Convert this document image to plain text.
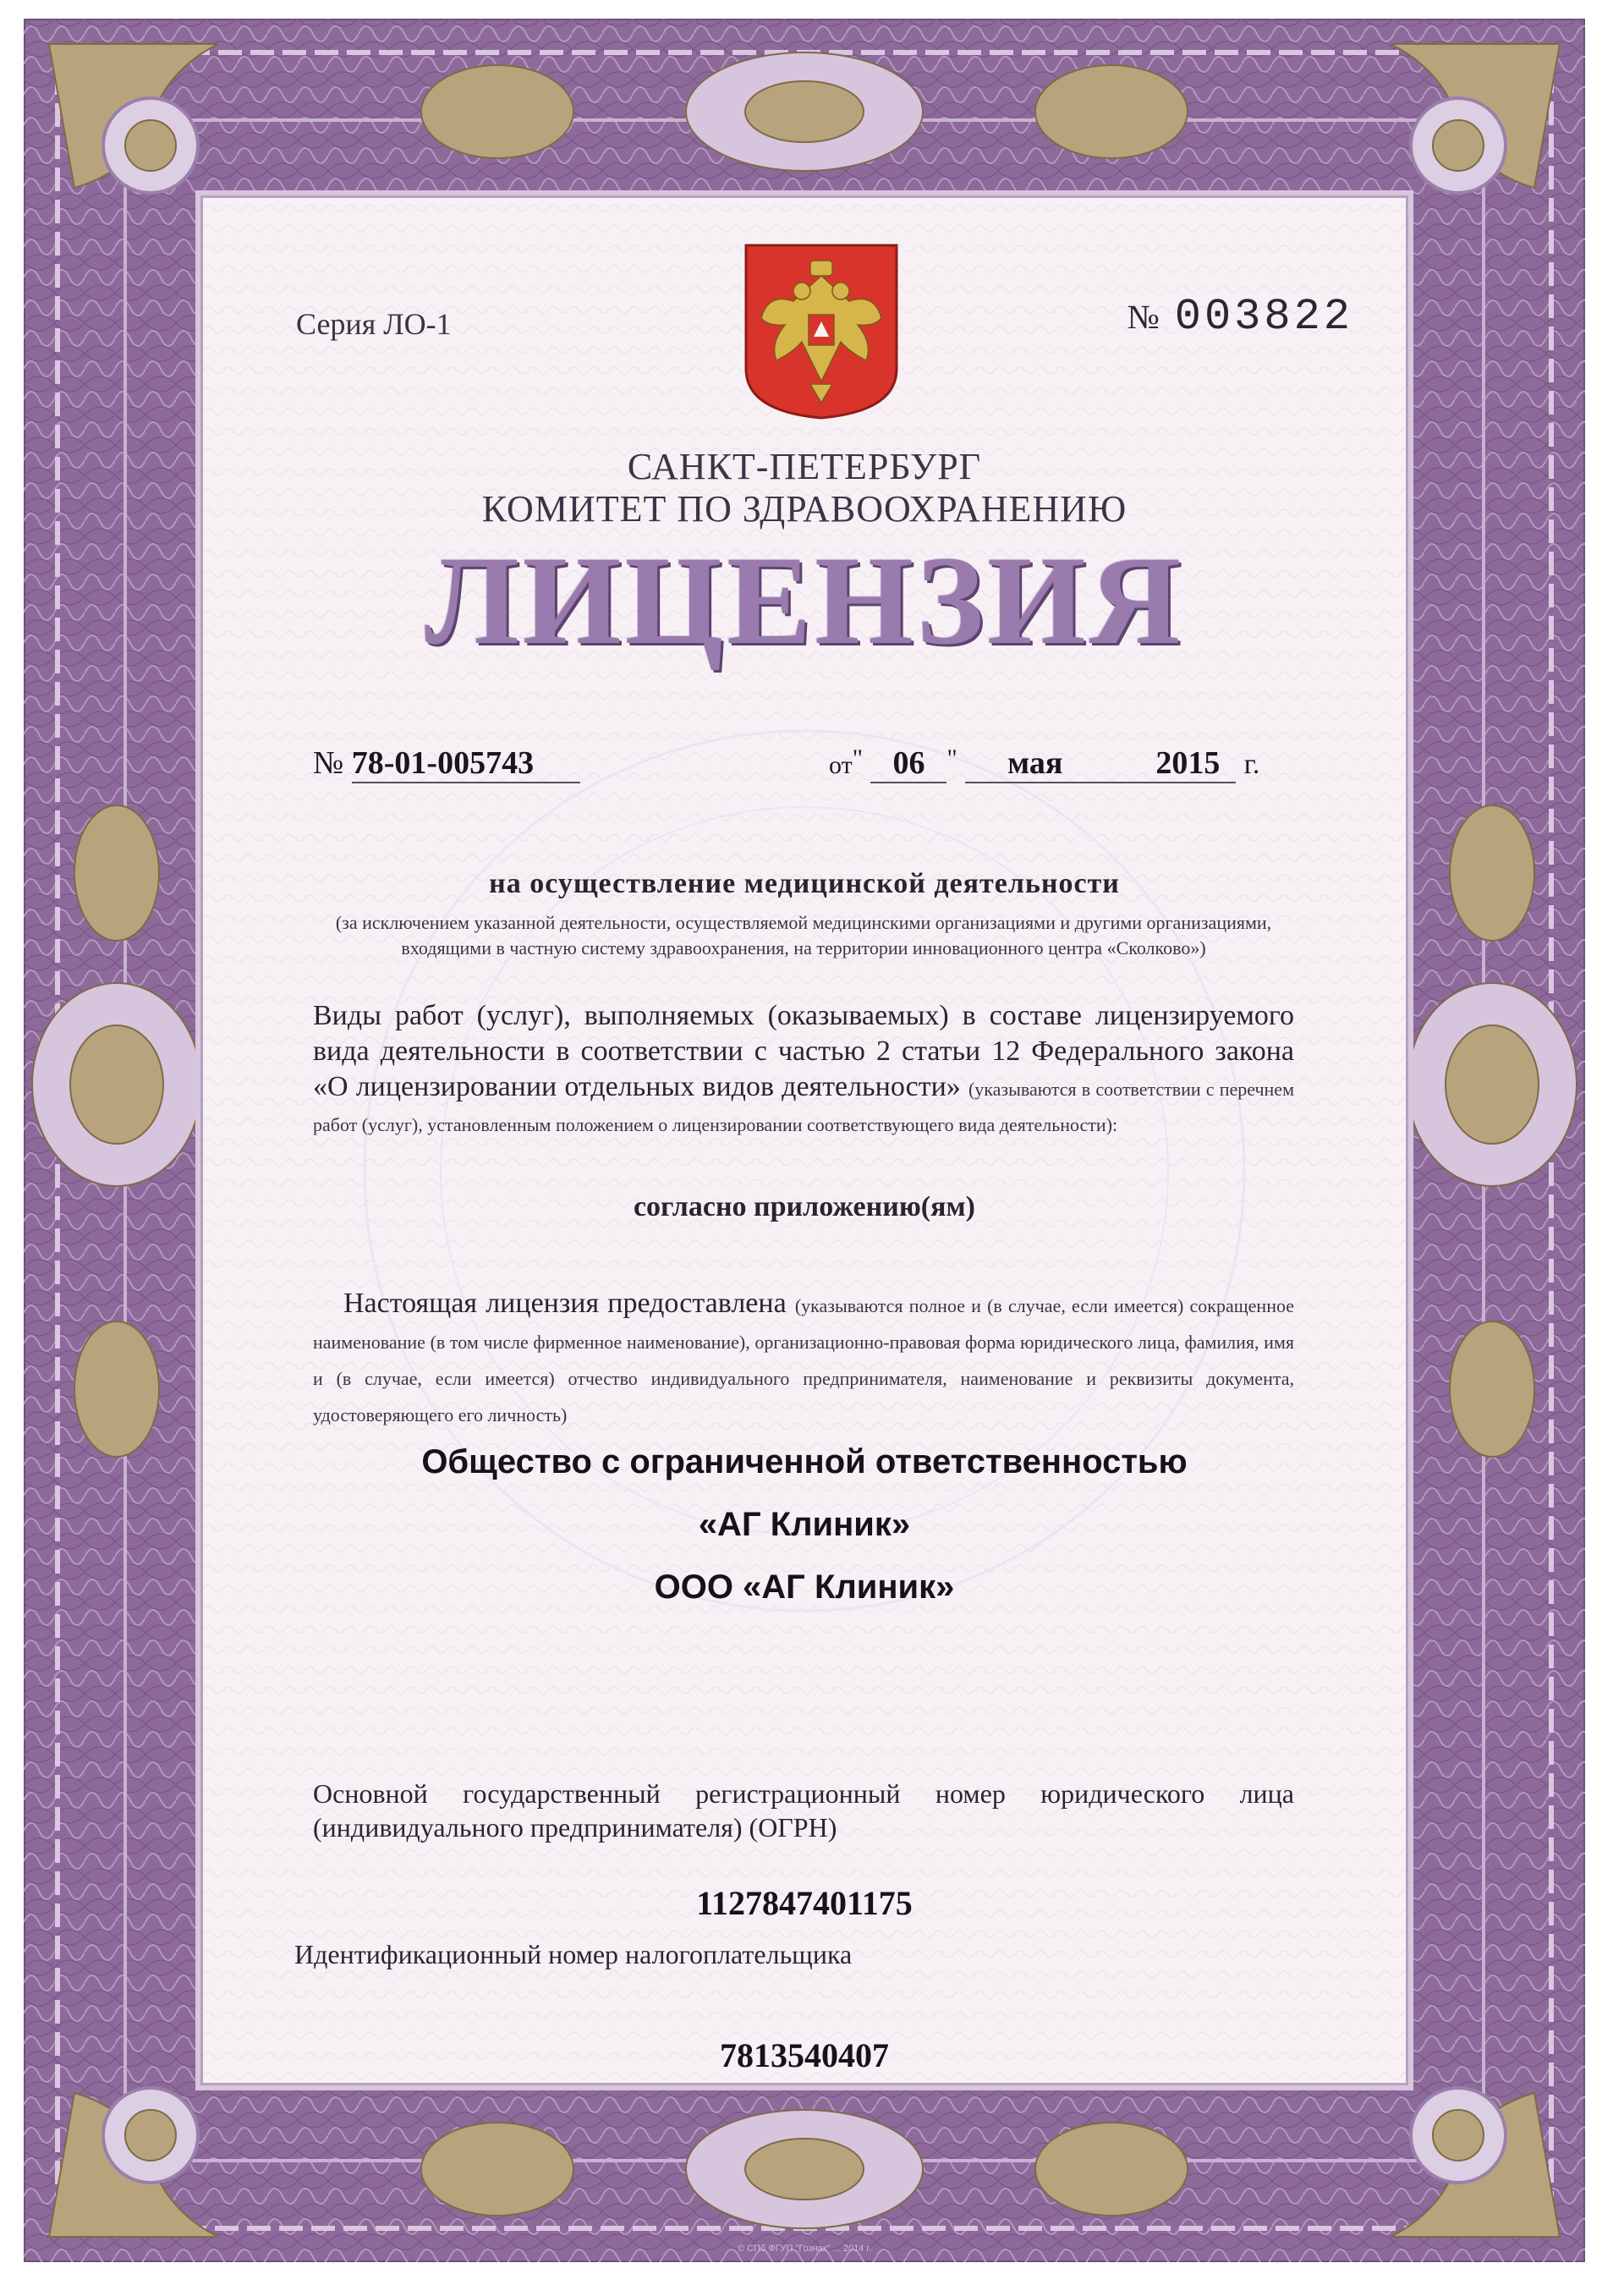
Серия ЛО-1	№ 003822
САНКТ-ПЕТЕРБУРГ
КОМИТЕТ ПО ЗДРАВООХРАНЕНИЮ
ЛИЦЕНЗИЯ
№ 78-01-005743	от" 06 " мая	2015 г.
на осуществление медицинской деятельности
(за исключением указанной деятельности, осуществляемой медицинскими организациями и другими организациями, входящими в частную систему здравоохранения, на территории инновационного центра «Сколково»)
Виды работ (услуг), выполняемых (оказываемых) в составе лицензируемого вида деятельности в соответствии с частью 2 статьи 12 Федерального закона «О лицензировании отдельных видов деятельности» (указываются в соответствии с перечнем работ (услуг), установленным положением о лицензировании соответствующего вида деятельности):
согласно приложению(ям)
Настоящая лицензия предоставлена (указываются полное и (в случае, если имеется) сокращенное наименование (в том числе фирменное наименование), организационно-правовая форма юридического лица, фамилия, имя и (в случае, если имеется) отчество индивидуального предпринимателя, наименование и реквизиты документа, удостоверяющего его личность)
Общество с ограниченной ответственностью
«АГ Клиник»
ООО «АГ Клиник»
Основной государственный регистрационный номер юридического лица (индивидуального предпринимателя) (ОГРН)
1127847401175
Идентификационный номер налогоплательщика
7813540407
© СПб ФГУП "Гознак" ... 2014 г.
